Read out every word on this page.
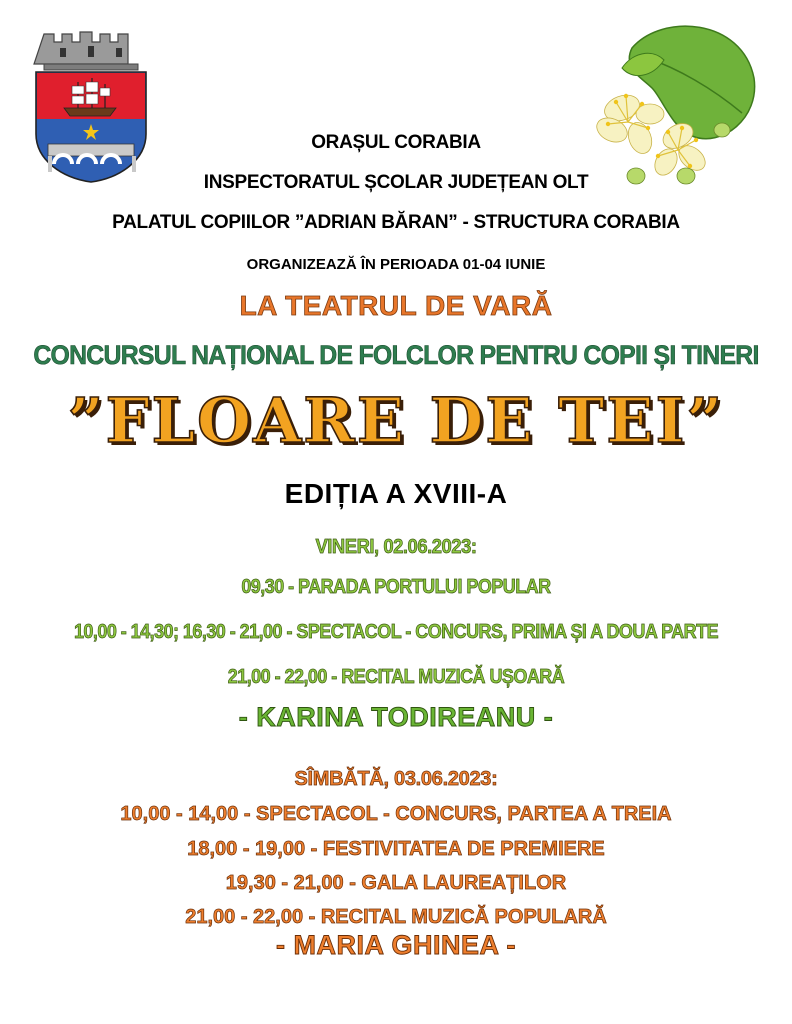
ORAȘUL CORABIA
INSPECTORATUL ȘCOLAR JUDEȚEAN OLT
PALATUL COPIILOR ”ADRIAN BĂRAN” - STRUCTURA CORABIA
ORGANIZEAZĂ ÎN PERIOADA 01-04 IUNIE
LA TEATRUL DE VARĂ
CONCURSUL NAȚIONAL DE FOLCLOR PENTRU COPII ȘI TINERI
”FLOARE DE TEI”
EDIȚIA A XVIII-A
VINERI, 02.06.2023:
09,30 - PARADA PORTULUI POPULAR
10,00 - 14,30; 16,30 - 21,00 - SPECTACOL - CONCURS, PRIMA ȘI A DOUA PARTE
21,00 - 22,00 - RECITAL MUZICĂ UȘOARĂ
- KARINA TODIREANU -
SÎMBĂTĂ, 03.06.2023:
10,00 - 14,00 - SPECTACOL - CONCURS, PARTEA A TREIA
18,00 - 19,00 - FESTIVITATEA DE PREMIERE
19,30 - 21,00 - GALA LAUREAȚILOR
21,00 - 22,00 - RECITAL MUZICĂ POPULARĂ
- MARIA GHINEA -
